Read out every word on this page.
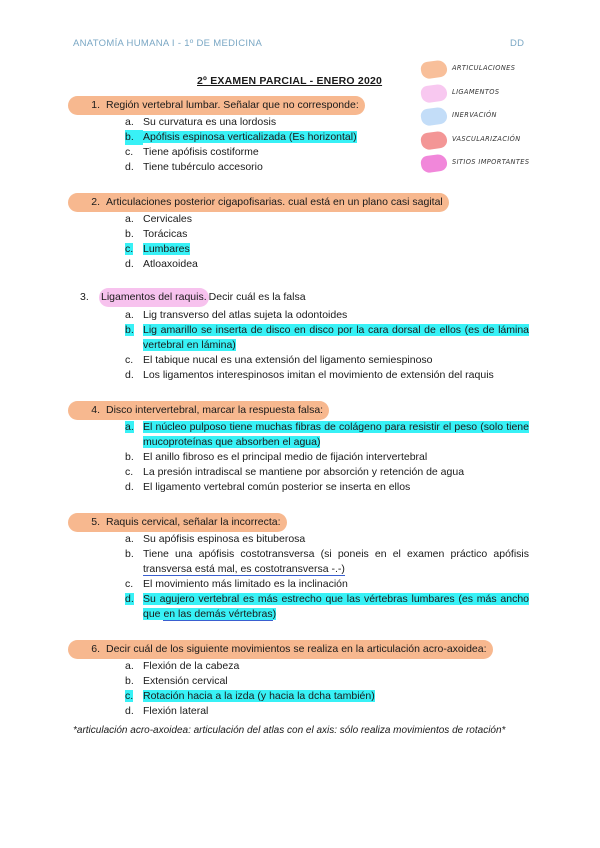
ANATOMÍA HUMANA I - 1º DE MEDICINA	DD
2º EXAMEN PARCIAL - ENERO 2020
ARTICULACIONES
LIGAMENTOS
INERVACIÓN
VASCULARIZACIÓN
SITIOS IMPORTANTES
1. Región vertebral lumbar. Señalar que no corresponde:
a. Su curvatura es una lordosis
b. Apófisis espinosa verticalizada (Es horizontal)
c. Tiene apófisis costiforme
d. Tiene tubérculo accesorio
2. Articulaciones posterior cigapofisarias. cual está en un plano casi sagital
a. Cervicales
b. Torácicas
c. Lumbares
d. Atloaxoidea
3.	Ligamentos del raquis. Decir cuál es la falsa
a. Lig transverso del atlas sujeta la odontoides
b. Lig amarillo se inserta de disco en disco por la cara dorsal de ellos (es de lámina vertebral en lámina)
c. El tabique nucal es una extensión del ligamento semiespinoso
d. Los ligamentos interespinosos imitan el movimiento de extensión del raquis
4. Disco intervertebral, marcar la respuesta falsa:
a. El núcleo pulposo tiene muchas fibras de colágeno para resistir el peso (solo tiene mucoproteínas que absorben el agua)
b. El anillo fibroso es el principal medio de fijación intervertebral
c. La presión intradiscal se mantiene por absorción y retención de agua
d. El ligamento vertebral común posterior se inserta en ellos
5. Raquis cervical, señalar la incorrecta:
a. Su apófisis espinosa es bituberosa
b. Tiene una apófisis costotransversa (si poneis en el examen práctico apófisis transversa está mal, es costotransversa -.-)
c. El movimiento más limitado es la inclinación
d. Su agujero vertebral es más estrecho que las vértebras lumbares (es más ancho que en las demás vértebras)
6. Decir cuál de los siguiente movimientos se realiza en la articulación acro-axoidea:
a. Flexión de la cabeza
b. Extensión cervical
c. Rotación hacia a la izda (y hacia la dcha también)
d. Flexión lateral
*articulación acro-axoidea: articulación del atlas con el axis: sólo realiza movimientos de rotación*
